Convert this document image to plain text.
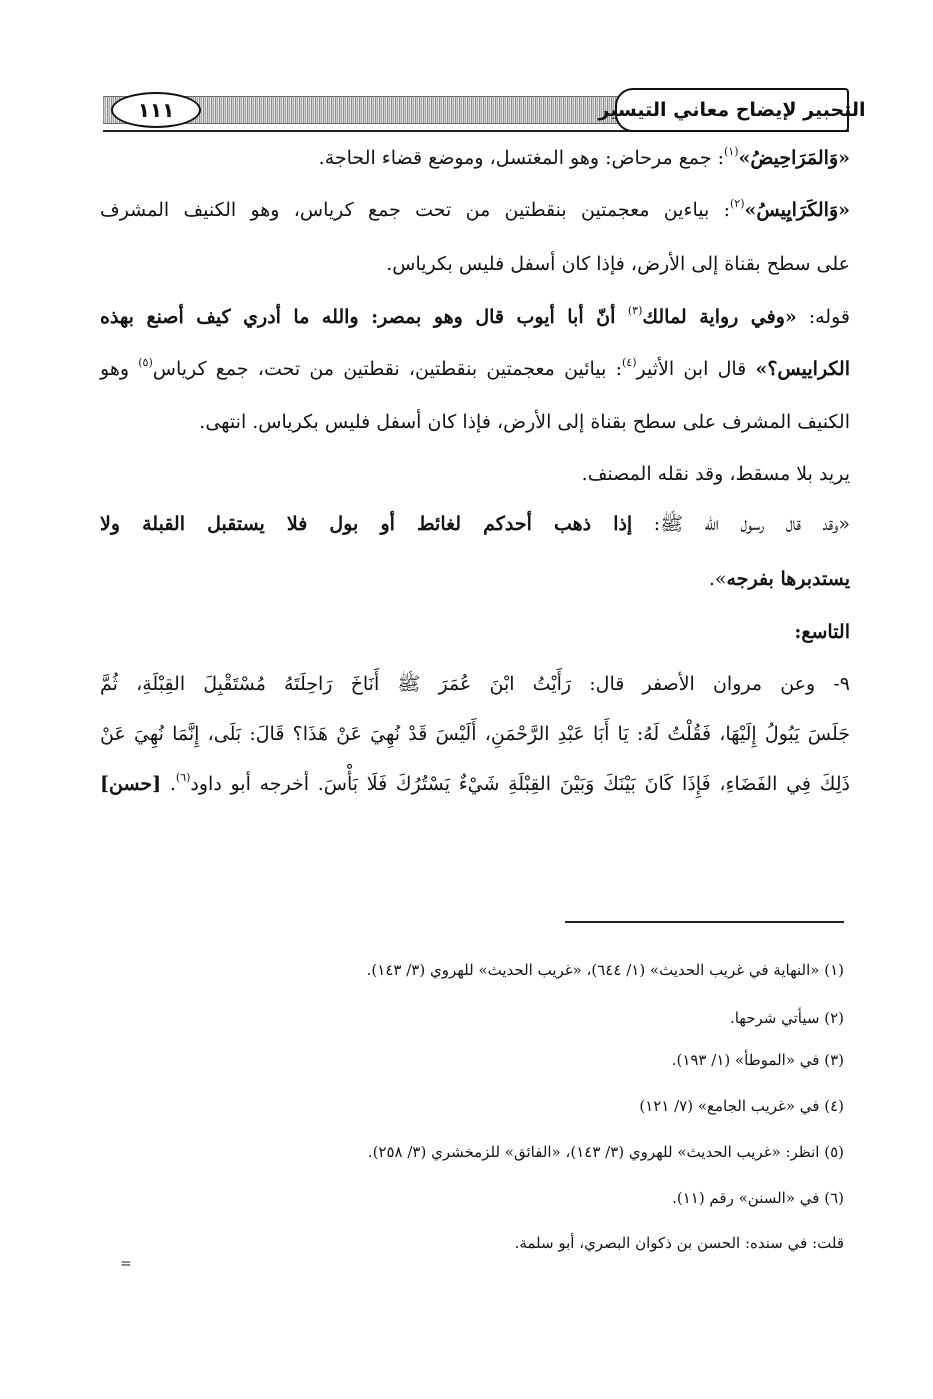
١١١	التحبير لإيضاح معاني التيسير
«وَالمَرَاحِيضُ»$^{(١)}$: جمع مرحاض: وهو المغتسل، وموضع قضاء الحاجة.
«وَالكَرَايِيسُ»$^{(٢)}$: بياءين معجمتين بنقطتين من تحت جمع كرياس، وهو الكنيف المشرف
على سطح بقناة إلى الأرض، فإذا كان أسفل فليس بكرياس.
قوله: «وفي رواية لمالك$^{(٣)}$ أنّ أبا أيوب قال وهو بمصر: والله ما أدري كيف أصنع بهذه
الكراييس؟» قال ابن الأثير$^{(٤)}$: بيائين معجمتين بنقطتين، نقطتين من تحت، جمع كرياس$^{(٥)}$ وهو
الكنيف المشرف على سطح بقناة إلى الأرض، فإذا كان أسفل فليس بكرياس. انتهى.
يريد بلا مسقط، وقد نقله المصنف.
«وقد قال رسول الله ﷺ: إذا ذهب أحدكم لغائط أو بول فلا يستقبل القبلة ولا
يستدبرها بفرجه».
التاسع:
٩- وعن مروان الأصفر قال: رَأَيْتُ ابْنَ عُمَرَ ﷺ أَنَاخَ رَاحِلَتَهُ مُسْتَقْبِلَ القِبْلَةِ، ثُمَّ
جَلَسَ يَبُولُ إِلَيْهَا، فَقُلْتُ لَهُ: يَا أَبَا عَبْدِ الرَّحْمَنِ، أَلَيْسَ قَدْ نُهِيَ عَنْ هَذَا؟ قَالَ: بَلَى، إِنَّمَا نُهِيَ عَنْ
ذَلِكَ فِي الفَضَاءِ، فَإِذَا كَانَ بَيْنَكَ وَبَيْنَ القِبْلَةِ شَيْءٌ يَسْتُرُكَ فَلَا بَأْسَ. أخرجه أبو داود$^{(٦)}$. [حسن]
(١) «النهاية في غريب الحديث» (١/ ٦٤٤)، «غريب الحديث» للهروي (٣/ ١٤٣).
(٢) سيأتي شرحها.
(٣) في «الموطأ» (١/ ١٩٣).
(٤) في «غريب الجامع» (٧/ ١٢١)
(٥) انظر: «غريب الحديث» للهروي (٣/ ١٤٣)، «الفائق» للزمخشري (٣/ ٢٥٨).
(٦) في «السنن» رقم (١١).
قلت: في سنده: الحسن بن ذكوان البصري، أبو سلمة.
=
